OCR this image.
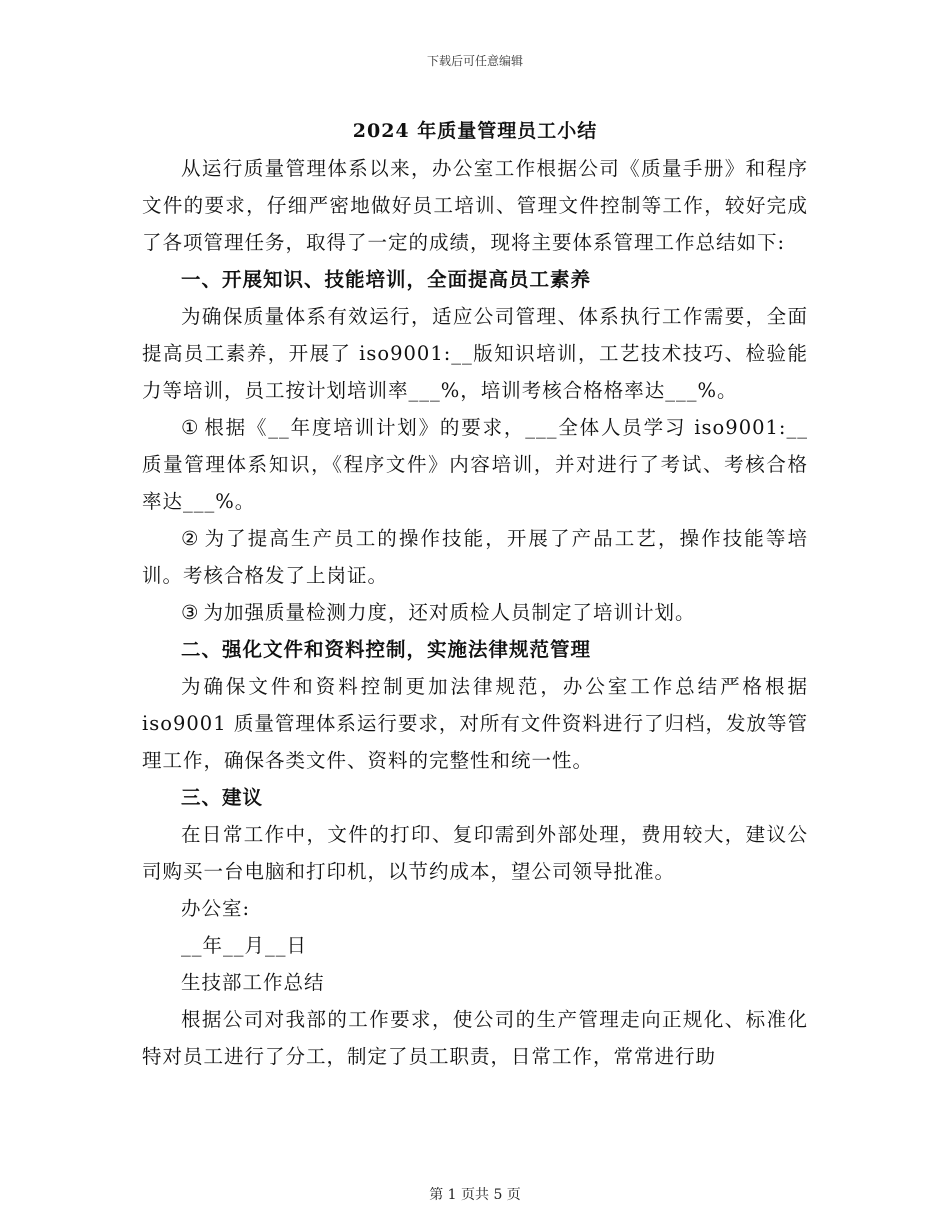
下载后可任意编辑

2024 年质量管理员工小结

从运行质量管理体系以来，办公室工作根据公司《质量手册》和程序文件的要求，仔细严密地做好员工培训、管理文件控制等工作，较好完成了各项管理任务，取得了一定的成绩，现将主要体系管理工作总结如下:

一、开展知识、技能培训，全面提高员工素养

为确保质量体系有效运行，适应公司管理、体系执行工作需要，全面提高员工素养，开展了 iso9001:__版知识培训，工艺技术技巧、检验能力等培训，员工按计划培训率___%，培训考核合格格率达___%。

① 根据《__年度培训计划》的要求，___全体人员学习 iso9001:__质量管理体系知识，《程序文件》内容培训，并对进行了考试、考核合格率达___%。

② 为了提高生产员工的操作技能，开展了产品工艺，操作技能等培训。考核合格发了上岗证。

③ 为加强质量检测力度，还对质检人员制定了培训计划。

二、强化文件和资料控制，实施法律规范管理

为确保文件和资料控制更加法律规范，办公室工作总结严格根据 iso9001 质量管理体系运行要求，对所有文件资料进行了归档，发放等管理工作，确保各类文件、资料的完整性和统一性。

三、建议

在日常工作中，文件的打印、复印需到外部处理，费用较大，建议公司购买一台电脑和打印机，以节约成本，望公司领导批准。

办公室:

__年__月__日

生技部工作总结

根据公司对我部的工作要求，使公司的生产管理走向正规化、标准化特对员工进行了分工，制定了员工职责，日常工作，常常进行助

第 1 页共 5 页
